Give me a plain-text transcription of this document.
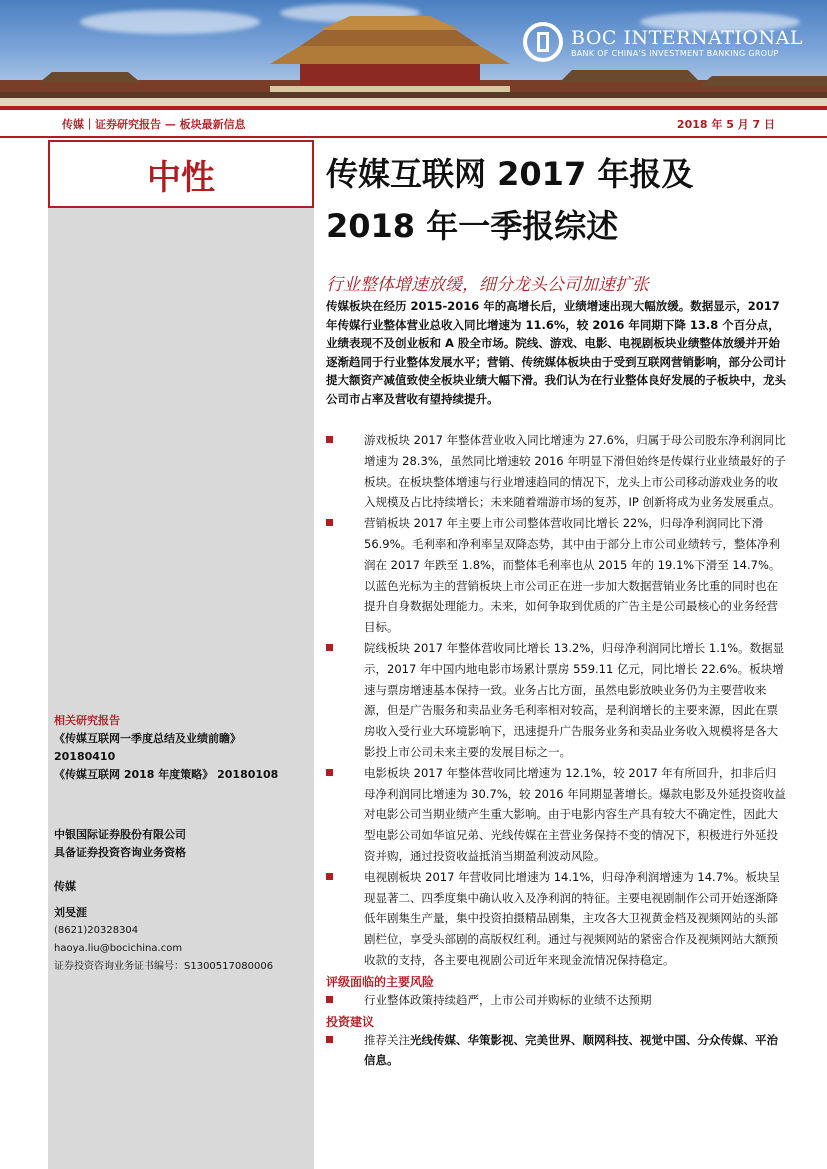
BOC INTERNATIONAL
BANK OF CHINA'S INVESTMENT BANKING GROUP
传媒｜证券研究报告 — 板块最新信息	2018 年 5 月 7 日
中性
相关研究报告
《传媒互联网一季度总结及业绩前瞻》
20180410
《传媒互联网 2018 年度策略》 20180108
中银国际证券股份有限公司
具备证券投资咨询业务资格
传媒
刘旻涯
(8621)20328304
haoya.liu@bocichina.com
证券投资咨询业务证书编号：S1300517080006
传媒互联网 2017 年报及
2018 年一季报综述
行业整体增速放缓，细分龙头公司加速扩张
传媒板块在经历 2015-2016 年的高增长后，业绩增速出现大幅放缓。数据显示，2017 年传媒行业整体营业总收入同比增速为 11.6%，较 2016 年同期下降 13.8 个百分点，业绩表现不及创业板和 A 股全市场。院线、游戏、电影、电视剧板块业绩整体放缓并开始逐渐趋同于行业整体发展水平；营销、传统媒体板块由于受到互联网营销影响，部分公司计提大额资产减值致使全板块业绩大幅下滑。我们认为在行业整体良好发展的子板块中，龙头公司市占率及营收有望持续提升。
游戏板块 2017 年整体营业收入同比增速为 27.6%，归属于母公司股东净利润同比增速为 28.3%，虽然同比增速较 2016 年明显下滑但始终是传媒行业业绩最好的子板块。在板块整体增速与行业增速趋同的情况下，龙头上市公司移动游戏业务的收入规模及占比持续增长；未来随着端游市场的复苏，IP 创新将成为业务发展重点。
营销板块 2017 年主要上市公司整体营收同比增长 22%，归母净利润同比下滑 56.9%。毛利率和净利率呈双降态势，其中由于部分上市公司业绩转亏，整体净利润在 2017 年跌至 1.8%，而整体毛利率也从 2015 年的 19.1%下滑至 14.7%。以蓝色光标为主的营销板块上市公司正在进一步加大数据营销业务比重的同时也在提升自身数据处理能力。未来，如何争取到优质的广告主是公司最核心的业务经营目标。
院线板块 2017 年整体营收同比增长 13.2%，归母净利润同比增长 1.1%。数据显示，2017 年中国内地电影市场累计票房 559.11 亿元，同比增长 22.6%。板块增速与票房增速基本保持一致。业务占比方面，虽然电影放映业务仍为主要营收来源，但是广告服务和卖品业务毛利率相对较高，是利润增长的主要来源，因此在票房收入受行业大环境影响下，迅速提升广告服务业务和卖品业务收入规模将是各大影投上市公司未来主要的发展目标之一。
电影板块 2017 年整体营收同比增速为 12.1%，较 2017 年有所回升，扣非后归母净利润同比增速为 30.7%，较 2016 年同期显著增长。爆款电影及外延投资收益对电影公司当期业绩产生重大影响。由于电影内容生产具有较大不确定性，因此大型电影公司如华谊兄弟、光线传媒在主营业务保持不变的情况下，积极进行外延投资并购，通过投资收益抵消当期盈利波动风险。
电视剧板块 2017 年营收同比增速为 14.1%，归母净利润增速为 14.7%。板块呈现显著二、四季度集中确认收入及净利润的特征。主要电视剧制作公司开始逐渐降低年剧集生产量，集中投资拍摄精品剧集，主攻各大卫视黄金档及视频网站的头部剧栏位，享受头部剧的高版权红利。通过与视频网站的紧密合作及视频网站大额预收款的支持，各主要电视剧公司近年来现金流情况保持稳定。
评级面临的主要风险
行业整体政策持续趋严，上市公司并购标的业绩不达预期
投资建议
推荐关注光线传媒、华策影视、完美世界、顺网科技、视觉中国、分众传媒、平治信息。
